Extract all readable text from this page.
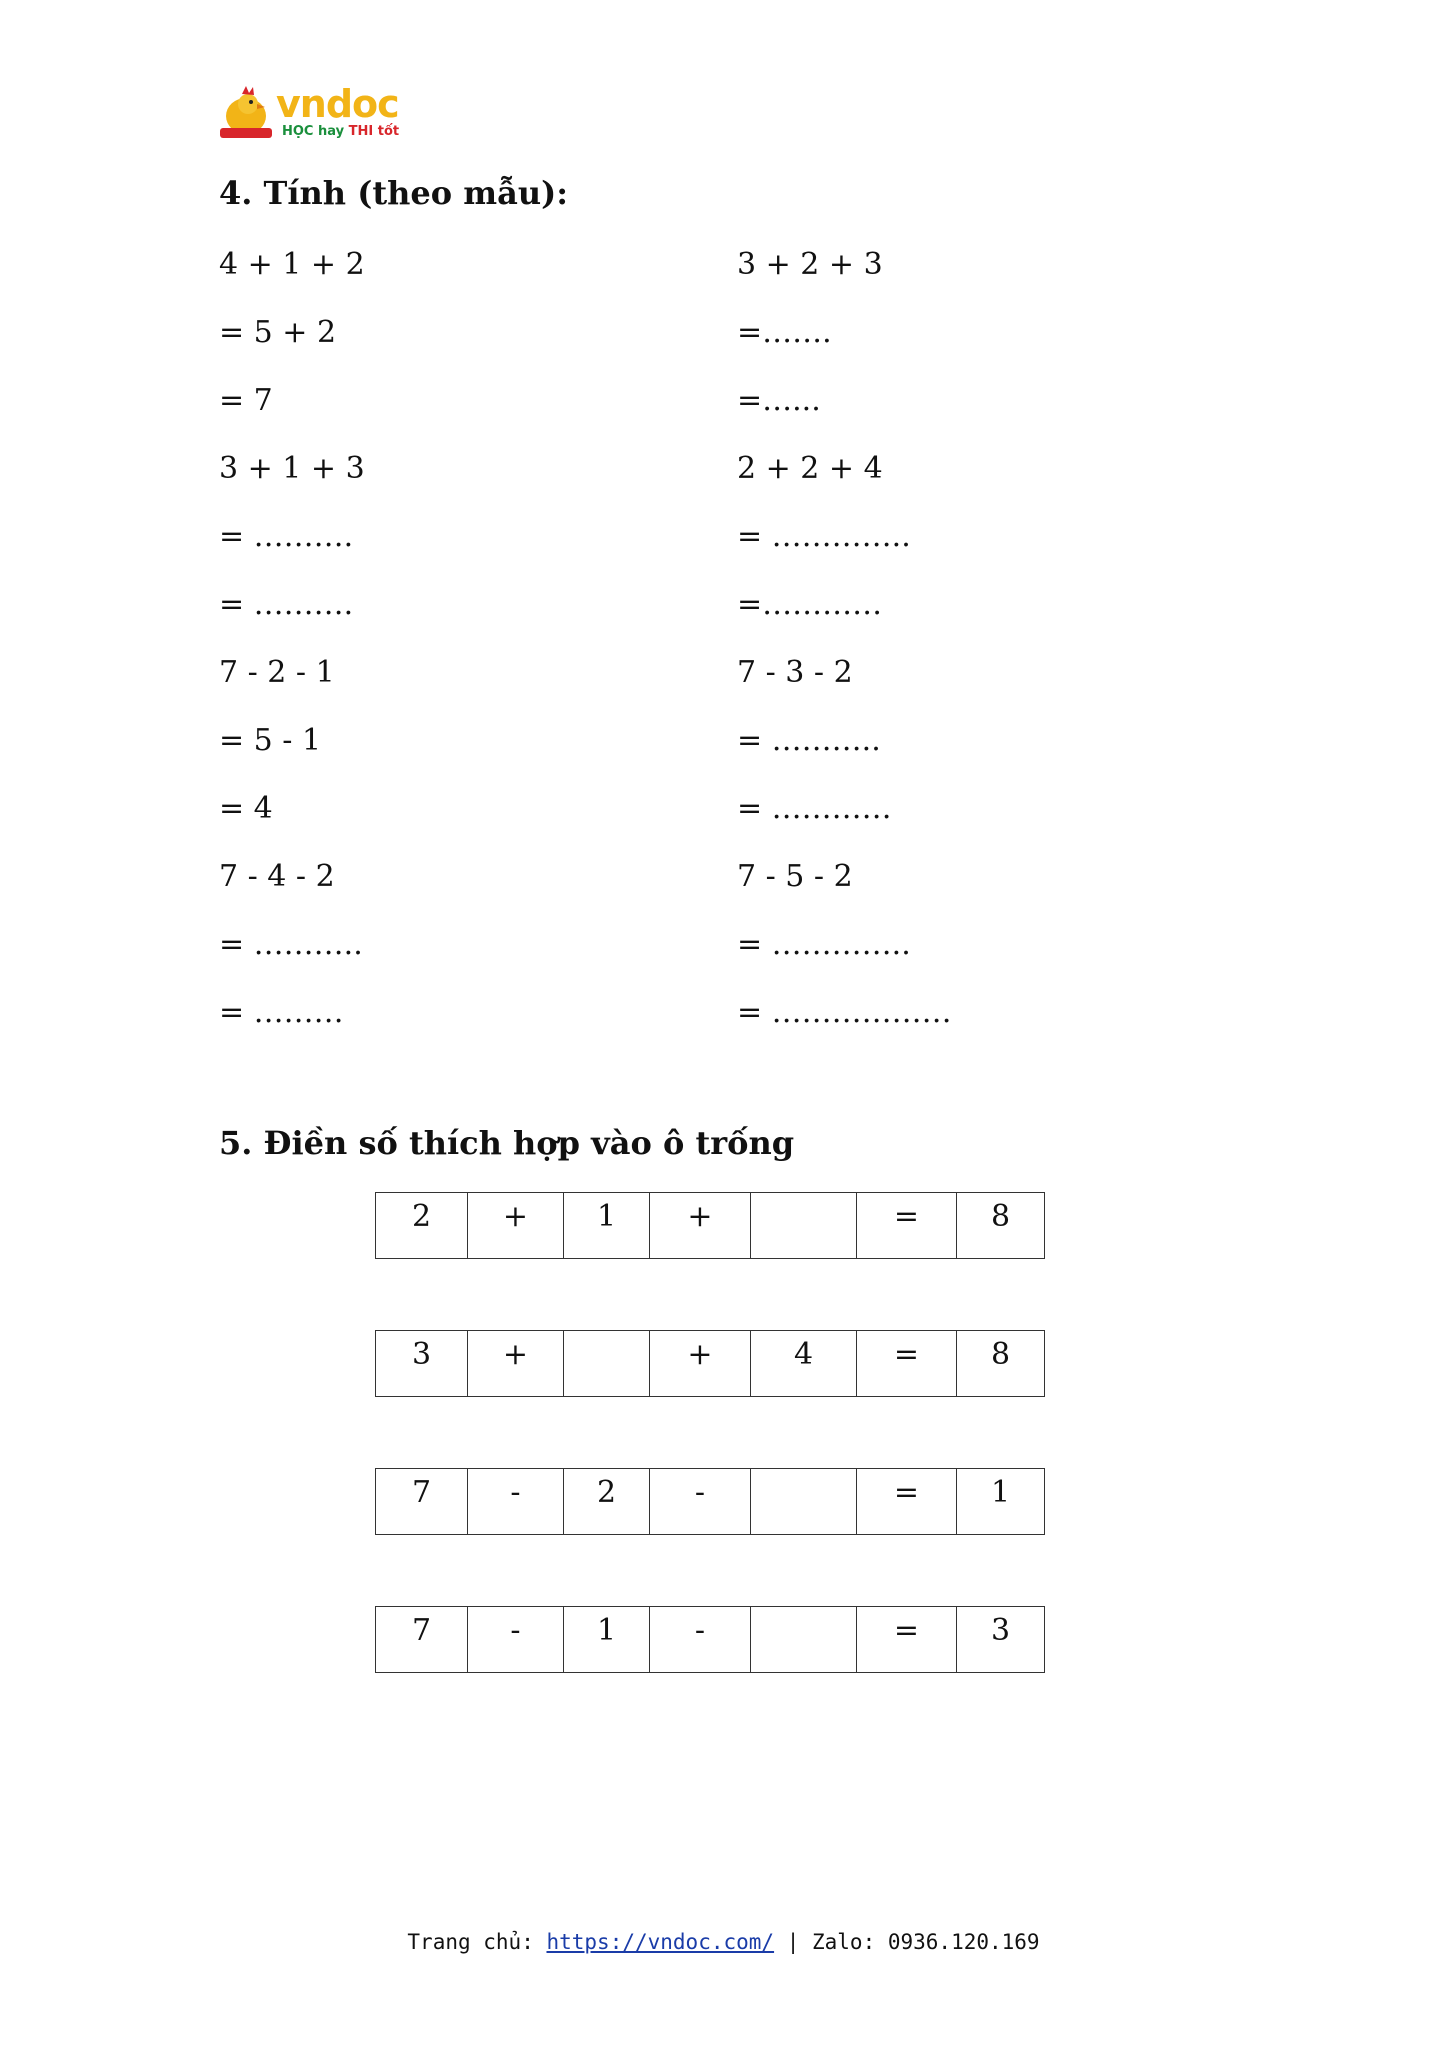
vndoc
HỌC hay THI tốt
4. Tính (theo mẫu):
4 + 1 + 2
= 5 + 2
= 7
3 + 1 + 3
= ……….
= ……….
7 - 2 - 1
= 5 - 1
= 4
7 - 4 - 2
= ………..
= ………
3 + 2 + 3
=…….
=…...
2 + 2 + 4
= …………..
=…………
7 - 3 - 2
= ………..
= …………
7 - 5 - 2
= …………..
= ………………
5. Điền số thích hợp vào ô trống
2	+	1	+		=	8
3	+		+	4	=	8
7	-	2	-		=	1
7	-	1	-		=	3
Trang chủ: https://vndoc.com/ | Zalo: 0936.120.169
